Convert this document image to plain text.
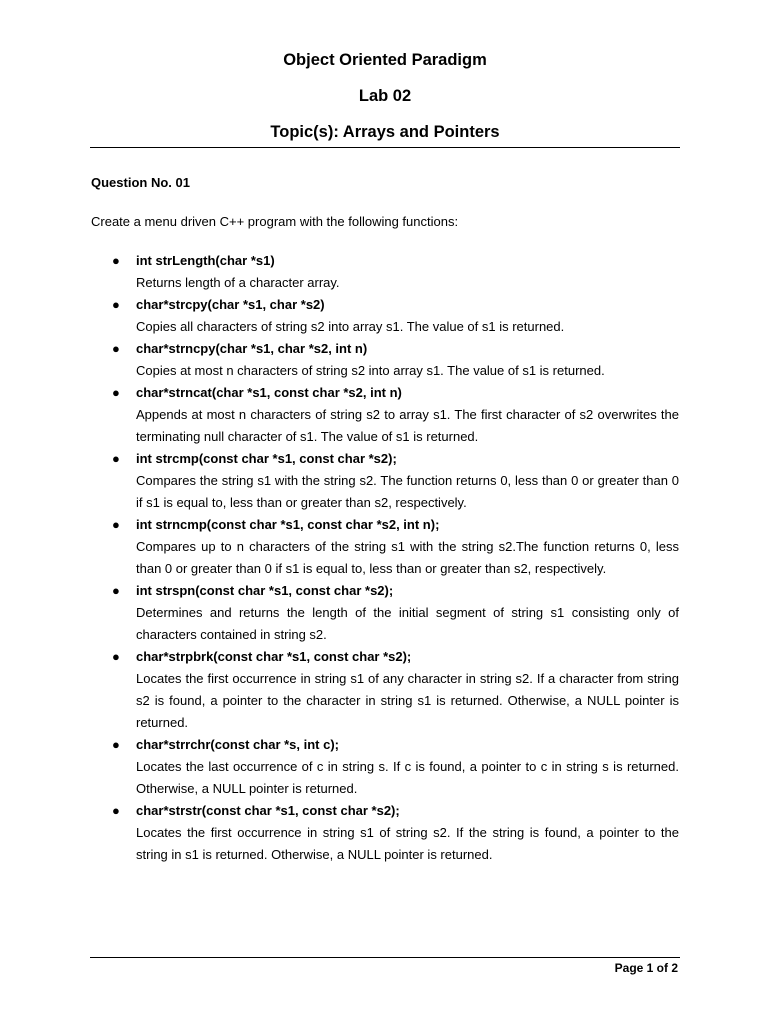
Object Oriented Paradigm
Lab 02
Topic(s): Arrays and Pointers
Question No. 01
Create a menu driven C++ program with the following functions:
● int strLength(char *s1)
Returns length of a character array.
● char*strcpy(char *s1, char *s2)
Copies all characters of string s2 into array s1. The value of s1 is returned.
● char*strncpy(char *s1, char *s2, int n)
Copies at most n characters of string s2 into array s1. The value of s1 is returned.
● char*strncat(char *s1, const char *s2, int n)
Appends at most n characters of string s2 to array s1. The first character of s2 overwrites the terminating null character of s1. The value of s1 is returned.
● int strcmp(const char *s1, const char *s2);
Compares the string s1 with the string s2. The function returns 0, less than 0 or greater than 0 if s1 is equal to, less than or greater than s2, respectively.
● int strncmp(const char *s1, const char *s2, int n);
Compares up to n characters of the string s1 with the string s2.The function returns 0, less than 0 or greater than 0 if s1 is equal to, less than or greater than s2, respectively.
● int strspn(const char *s1, const char *s2);
Determines and returns the length of the initial segment of string s1 consisting only of characters contained in string s2.
● char*strpbrk(const char *s1, const char *s2);
Locates the first occurrence in string s1 of any character in string s2. If a character from string s2 is found, a pointer to the character in string s1 is returned. Otherwise, a NULL pointer is returned.
● char*strrchr(const char *s, int c);
Locates the last occurrence of c in string s. If c is found, a pointer to c in string s is returned. Otherwise, a NULL pointer is returned.
● char*strstr(const char *s1, const char *s2);
Locates the first occurrence in string s1 of string s2. If the string is found, a pointer to the string in s1 is returned. Otherwise, a NULL pointer is returned.
Page 1 of 2
